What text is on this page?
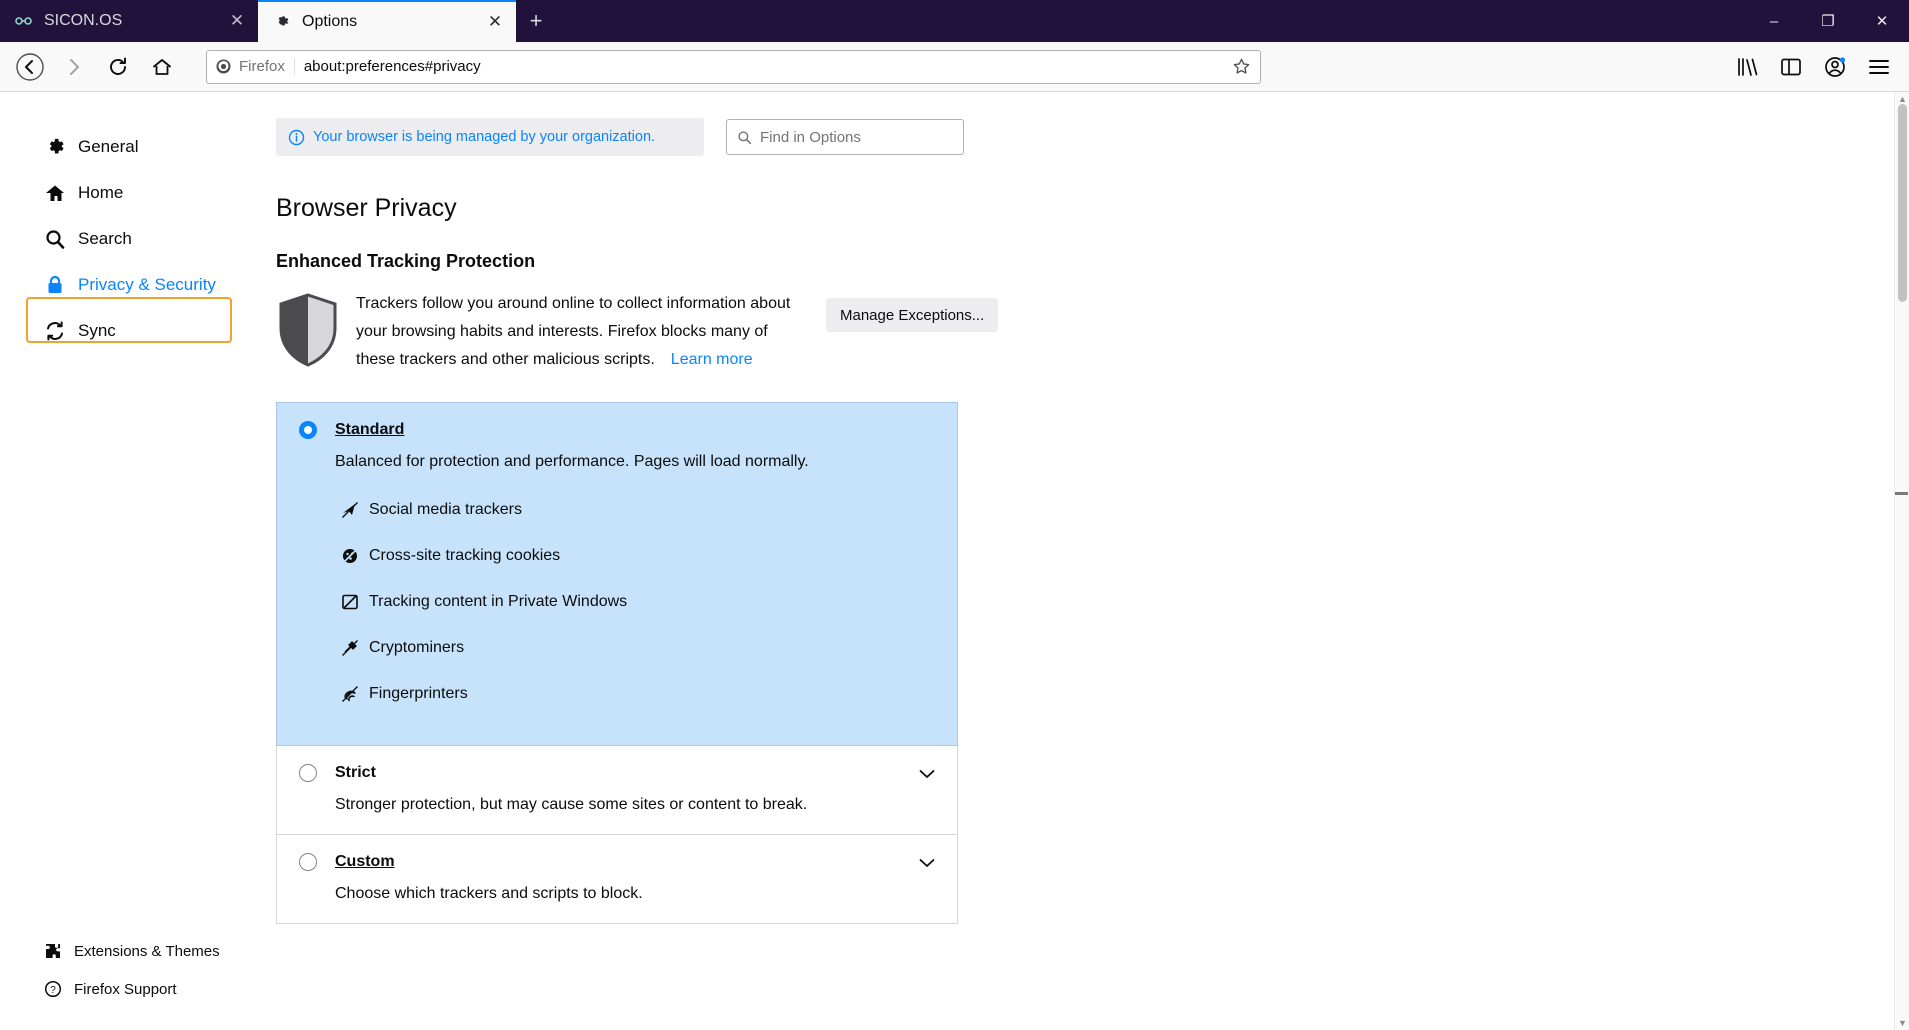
SICON.OS	✕	Options	✕	+	–	❐	✕
Firefox about:preferences#privacy
General
Home
Search
Privacy & Security
Sync
Extensions & Themes
? Firefox Support
Your browser is being managed by your organization.	Find in Options
Browser Privacy
Enhanced Tracking Protection
Trackers follow you around online to collect information about your browsing habits and interests. Firefox blocks many of these trackers and other malicious scripts. Learn more
Manage Exceptions...
Standard
Balanced for protection and performance. Pages will load normally.
Social media trackers
Cross-site tracking cookies
Tracking content in Private Windows
Cryptominers
Fingerprinters
Strict
Stronger protection, but may cause some sites or content to break.
Custom
Choose which trackers and scripts to block.
▲
▼
